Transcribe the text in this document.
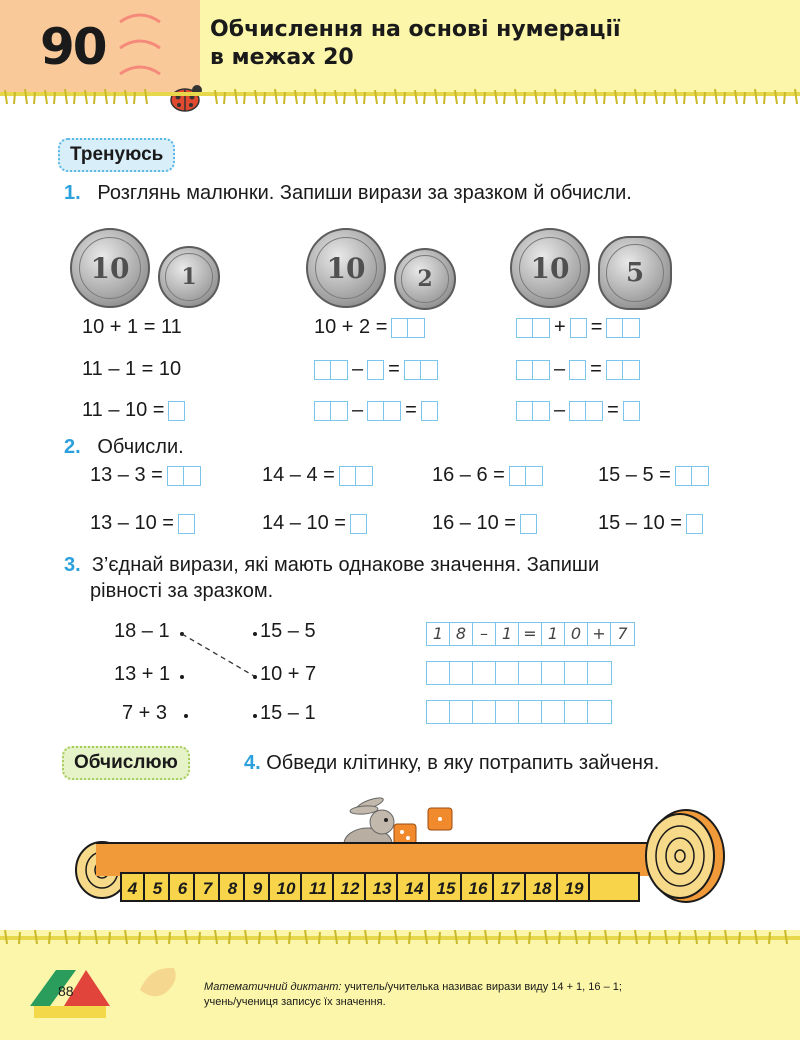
90	Обчислення на основі нумерації
в межах 20
Тренуюсь
1. Розглянь малюнки. Запиши вирази за зразком й обчисли.
10	1	10	2	10	5
10 + 1 = 11
11 – 1 = 10
11 – 10 =
10 + 2 =
– =
– =
+ =
– =
– =
2. Обчисли.
13 – 3 =	14 – 4 =	16 – 6 =	15 – 5 =
13 – 10 =	14 – 10 =	16 – 10 =	15 – 10 =
3. З’єднай вирази, які мають однакове значення. Запиши
рівності за зразком.
18 – 1
13 + 1
7 + 3
15 – 5
10 + 7
15 – 1
1 8 – 1 = 1 0 + 7
Обчислюю	4. Обведи клітинку, в яку потрапить зайченя.
4 5 6 7 8 9 10 11 12 13 14 15 16 17 18 19
88	Математичний диктант: учитель/учителька називає вирази виду 14 + 1, 16 – 1;
учень/учениця записує їх значення.
